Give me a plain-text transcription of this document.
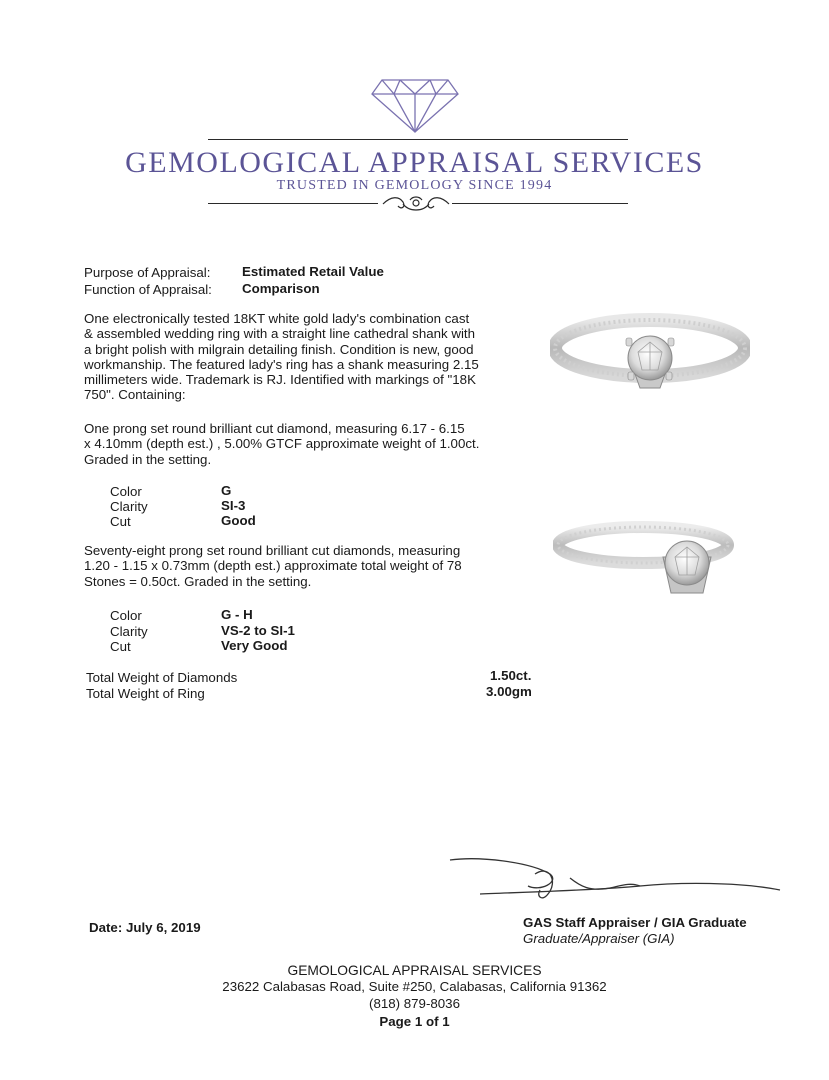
GEMOLOGICAL APPRAISAL SERVICES
TRUSTED IN GEMOLOGY SINCE 1994
Purpose of Appraisal: Estimated Retail Value
Function of Appraisal: Comparison
One electronically tested 18KT white gold lady's combination cast
& assembled wedding ring with a straight line cathedral shank with
a bright polish with milgrain detailing finish. Condition is new, good
workmanship. The featured lady's ring has a shank measuring 2.15
millimeters wide. Trademark is RJ. Identified with markings of "18K
750". Containing:
One prong set round brilliant cut diamond, measuring 6.17 - 6.15
x 4.10mm (depth est.) , 5.00% GTCF approximate weight of 1.00ct.
Graded in the setting.
Color	G
Clarity	SI-3
Cut	Good
Seventy-eight prong set round brilliant cut diamonds, measuring
1.20 - 1.15 x 0.73mm (depth est.) approximate total weight of 78
Stones = 0.50ct. Graded in the setting.
Color	G - H
Clarity	VS-2 to SI-1
Cut	Very Good
Total Weight of Diamonds	1.50ct.
Total Weight of Ring	3.00gm
Date: July 6, 2019	GAS Staff Appraiser / GIA Graduate
Graduate/Appraiser (GIA)
GEMOLOGICAL APPRAISAL SERVICES
23622 Calabasas Road, Suite #250, Calabasas, California 91362
(818) 879-8036
Page 1 of 1
